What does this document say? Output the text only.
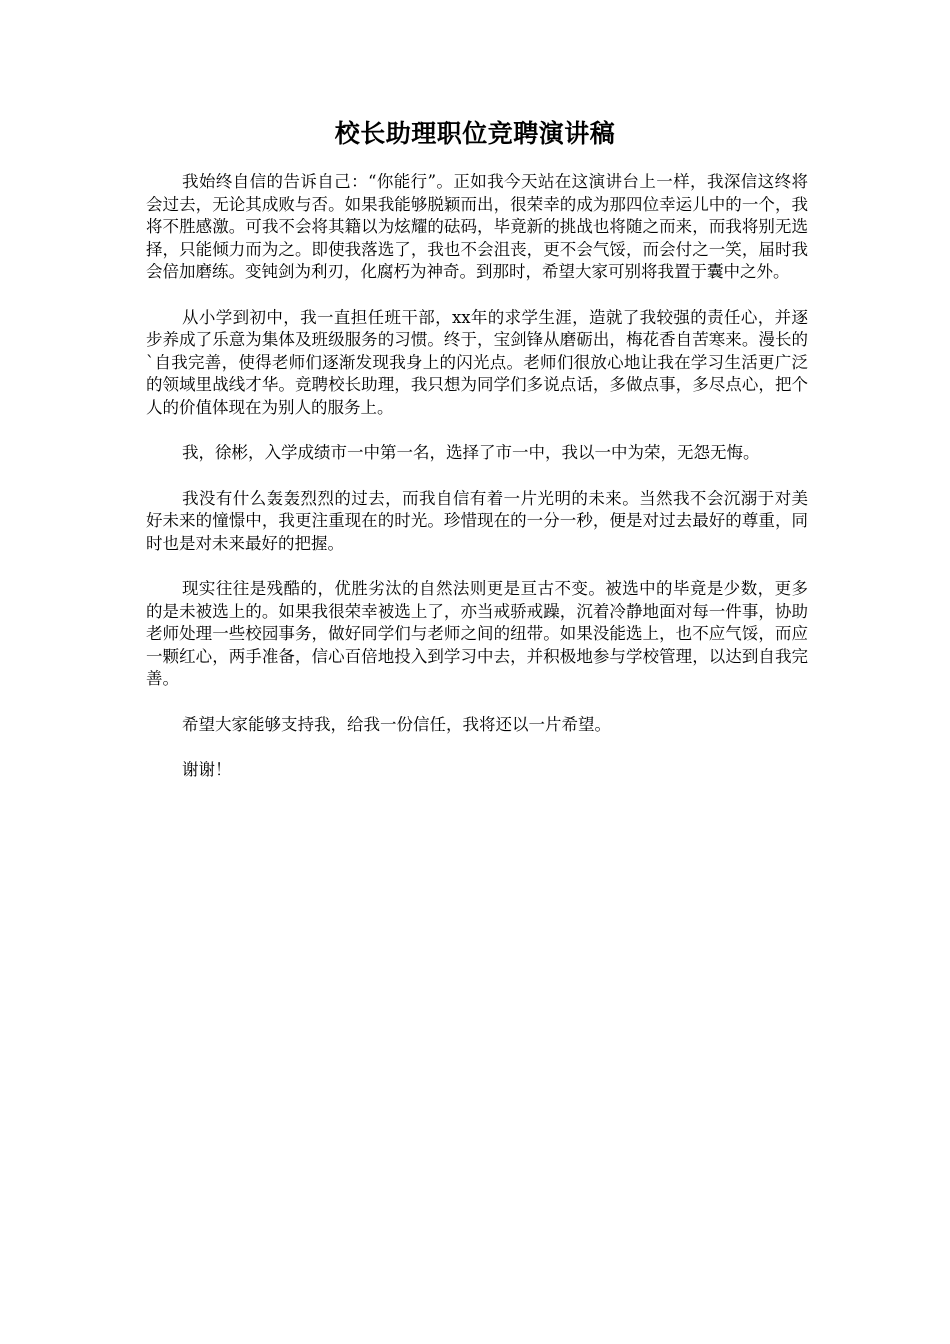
校长助理职位竞聘演讲稿

我始终自信的告诉自己：“你能行”。正如我今天站在这演讲台上一样，我深信这终将会过去，无论其成败与否。如果我能够脱颖而出，很荣幸的成为那四位幸运儿中的一个，我将不胜感激。可我不会将其籍以为炫耀的砝码，毕竟新的挑战也将随之而来，而我将别无选择，只能倾力而为之。即使我落选了，我也不会沮丧，更不会气馁，而会付之一笑，届时我会倍加磨练。变钝剑为利刃，化腐朽为神奇。到那时，希望大家可别将我置于囊中之外。

从小学到初中，我一直担任班干部，xx年的求学生涯，造就了我较强的责任心，并逐步养成了乐意为集体及班级服务的习惯。终于，宝剑锋从磨砺出，梅花香自苦寒来。漫长的`自我完善，使得老师们逐渐发现我身上的闪光点。老师们很放心地让我在学习生活更广泛的领域里战线才华。竞聘校长助理，我只想为同学们多说点话，多做点事，多尽点心，把个人的价值体现在为别人的服务上。

我，徐彬，入学成绩市一中第一名，选择了市一中，我以一中为荣，无怨无悔。

我没有什么轰轰烈烈的过去，而我自信有着一片光明的未来。当然我不会沉溺于对美好未来的憧憬中，我更注重现在的时光。珍惜现在的一分一秒，便是对过去最好的尊重，同时也是对未来最好的把握。

现实往往是残酷的，优胜劣汰的自然法则更是亘古不变。被选中的毕竟是少数，更多的是未被选上的。如果我很荣幸被选上了，亦当戒骄戒躁，沉着冷静地面对每一件事，协助老师处理一些校园事务，做好同学们与老师之间的纽带。如果没能选上，也不应气馁，而应一颗红心，两手准备，信心百倍地投入到学习中去，并积极地参与学校管理，以达到自我完善。

希望大家能够支持我，给我一份信任，我将还以一片希望。

谢谢！
